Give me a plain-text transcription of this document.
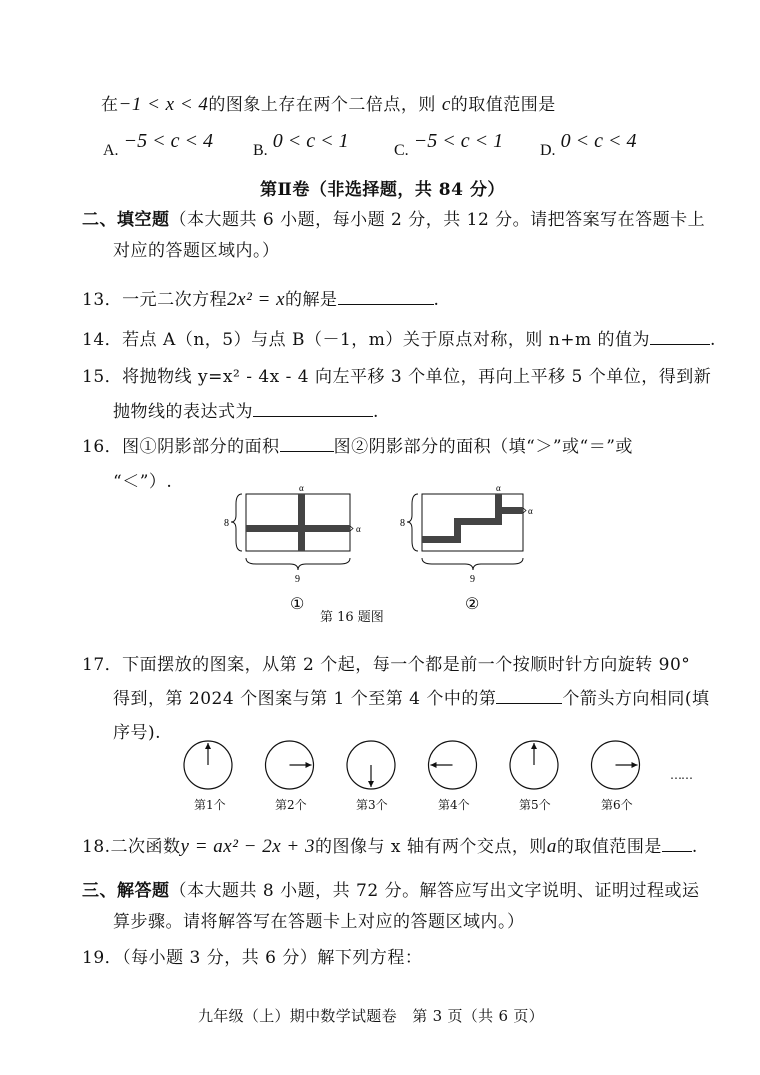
在−1 < x < 4的图象上存在两个二倍点，则 c的取值范围是
A. −5 < c < 4 B. 0 < c < 1	C. −5 < c < 1 D. 0 < c < 4
第Ⅱ卷（非选择题，共 84 分）
二、填空题（本大题共 6 小题，每小题 2 分，共 12 分。请把答案写在答题卡上
对应的答题区域内。）
13．一元二次方程2x² = x的解是	.
14．若点 A（n，5）与点 B（－1，m）关于原点对称，则 n+m 的值为	.
15．将抛物线 y=x² - 4x - 4 向左平移 3 个单位，再向上平移 5 个单位，得到新
抛物线的表达式为	.
16．图①阴影部分的面积	图②阴影部分的面积（填“＞”或“＝”或
“＜”）.
8
9
α
α
①
8
9
α
α
②
第 16 题图
17．下面摆放的图案，从第 2 个起，每一个都是前一个按顺时针方向旋转 90°
得到，第 2024 个图案与第 1 个至第 4 个中的第	个箭头方向相同(填
序号).
第1个	第2个	第3个	第4个	第5个	第6个
……
18.二次函数y = ax² − 2x + 3的图像与 x 轴有两个交点，则a的取值范围是 .
三、解答题（本大题共 8 小题，共 72 分。解答应写出文字说明、证明过程或运
算步骤。请将解答写在答题卡上对应的答题区域内。）
19．（每小题 3 分，共 6 分）解下列方程：
九年级（上）期中数学试题卷　第 3 页（共 6 页）
